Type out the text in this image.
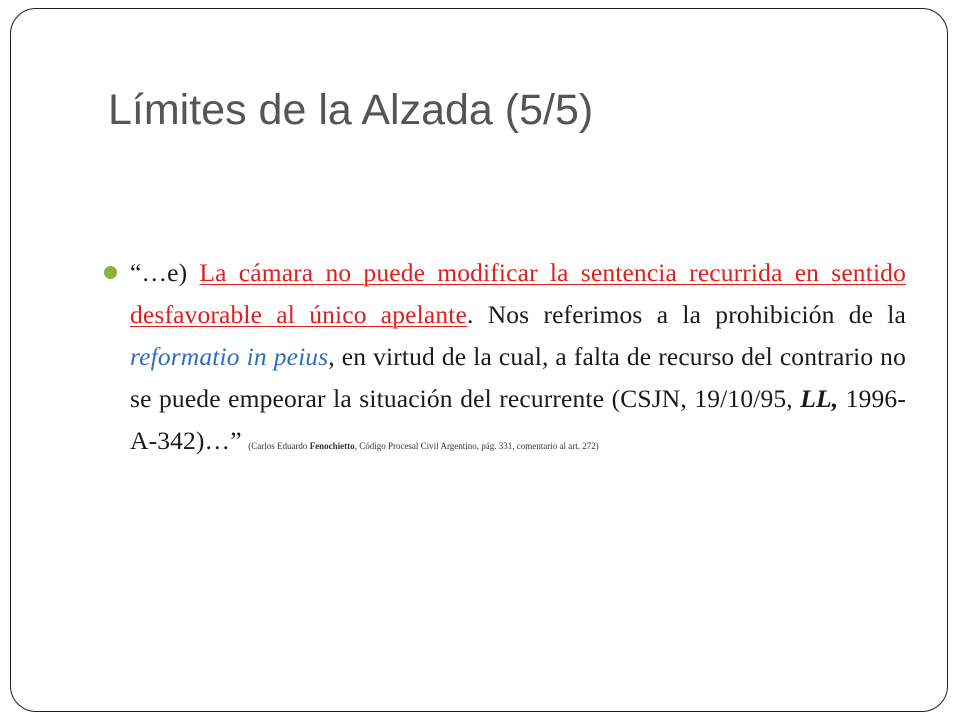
Límites de la Alzada (5/5)

“…e) La cámara no puede modificar la sentencia recurrida en sentido desfavorable al único apelante. Nos referimos a la prohibición de la reformatio in peius, en virtud de la cual, a falta de recurso del contrario no se puede empeorar la situación del recurrente (CSJN, 19/10/95, LL, 1996-A-342)…” (Carlos Eduardo Fenochietto, Código Procesal Civil Argentino, pág. 331, comentario al art. 272)
